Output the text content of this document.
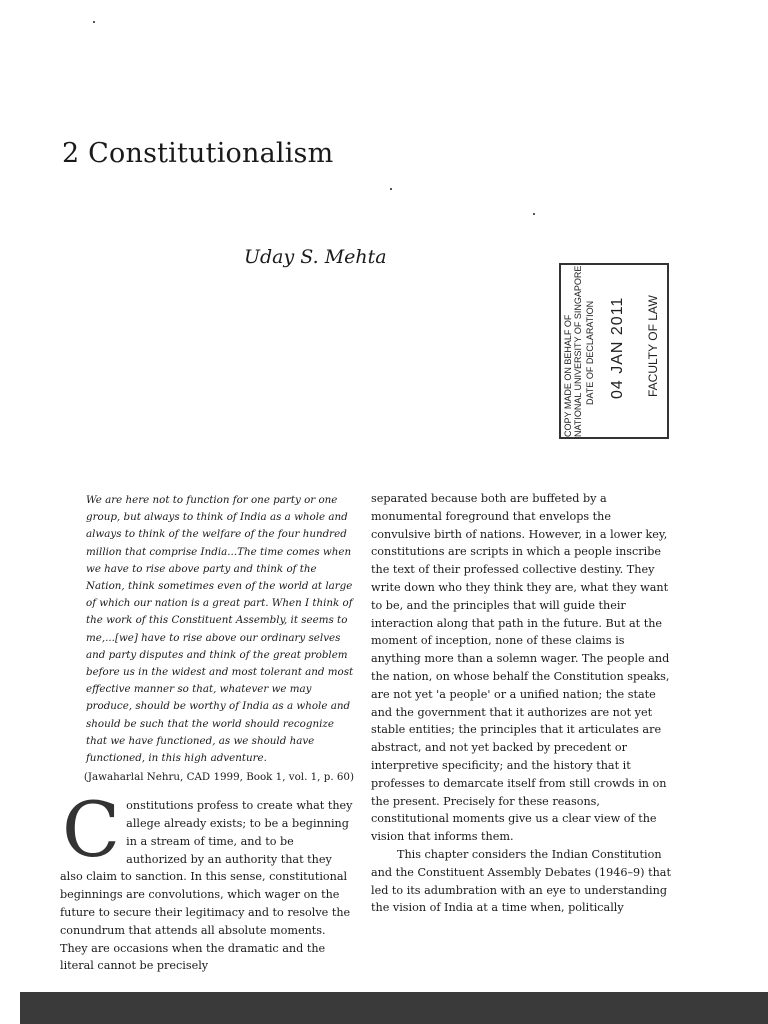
2 Constitutionalism
Uday S. Mehta
COPY MADE ON BEHALF OF NATIONAL UNIVERSITY OF SINGAPORE DATE OF DECLARATION 04 JAN 2011 FACULTY OF LAW

We are here not to function for one party or one group, but always to think of India as a whole and always to think of the welfare of the four hundred million that comprise India...The time comes when we have to rise above party and think of the Nation, think sometimes even of the world at large of which our nation is a great part. When I think of the work of this Constituent Assembly, it seems to me,...[we] have to rise above our ordinary selves and party disputes and think of the great problem before us in the widest and most tolerant and most effective manner so that, whatever we may produce, should be worthy of India as a whole and should be such that the world should recognize that we have functioned, as we should have functioned, in this high adventure.

(Jawaharlal Nehru, CAD 1999, Book 1, vol. 1, p. 60)

C onstitutions profess to create what they allege already exists; to be a beginning in a stream of time, and to be authorized by an authority that they also claim to sanction. In this sense, constitutional beginnings are convolutions, which wager on the future to secure their legitimacy and to resolve the conundrum that attends all absolute moments. They are occasions when the dramatic and the literal cannot be precisely

separated because both are buffeted by a monumental foreground that envelops the convulsive birth of nations. However, in a lower key, constitutions are scripts in which a people inscribe the text of their professed collective destiny. They write down who they think they are, what they want to be, and the principles that will guide their interaction along that path in the future. But at the moment of inception, none of these claims is anything more than a solemn wager. The people and the nation, on whose behalf the Constitution speaks, are not yet 'a people' or a unified nation; the state and the government that it authorizes are not yet stable entities; the principles that it articulates are abstract, and not yet backed by precedent or interpretive specificity; and the history that it professes to demarcate itself from still crowds in on the present. Precisely for these reasons, constitutional moments give us a clear view of the vision that informs them.

This chapter considers the Indian Constitution and the Constituent Assembly Debates (1946–9) that led to its adumbration with an eye to understanding the vision of India at a time when, politically
